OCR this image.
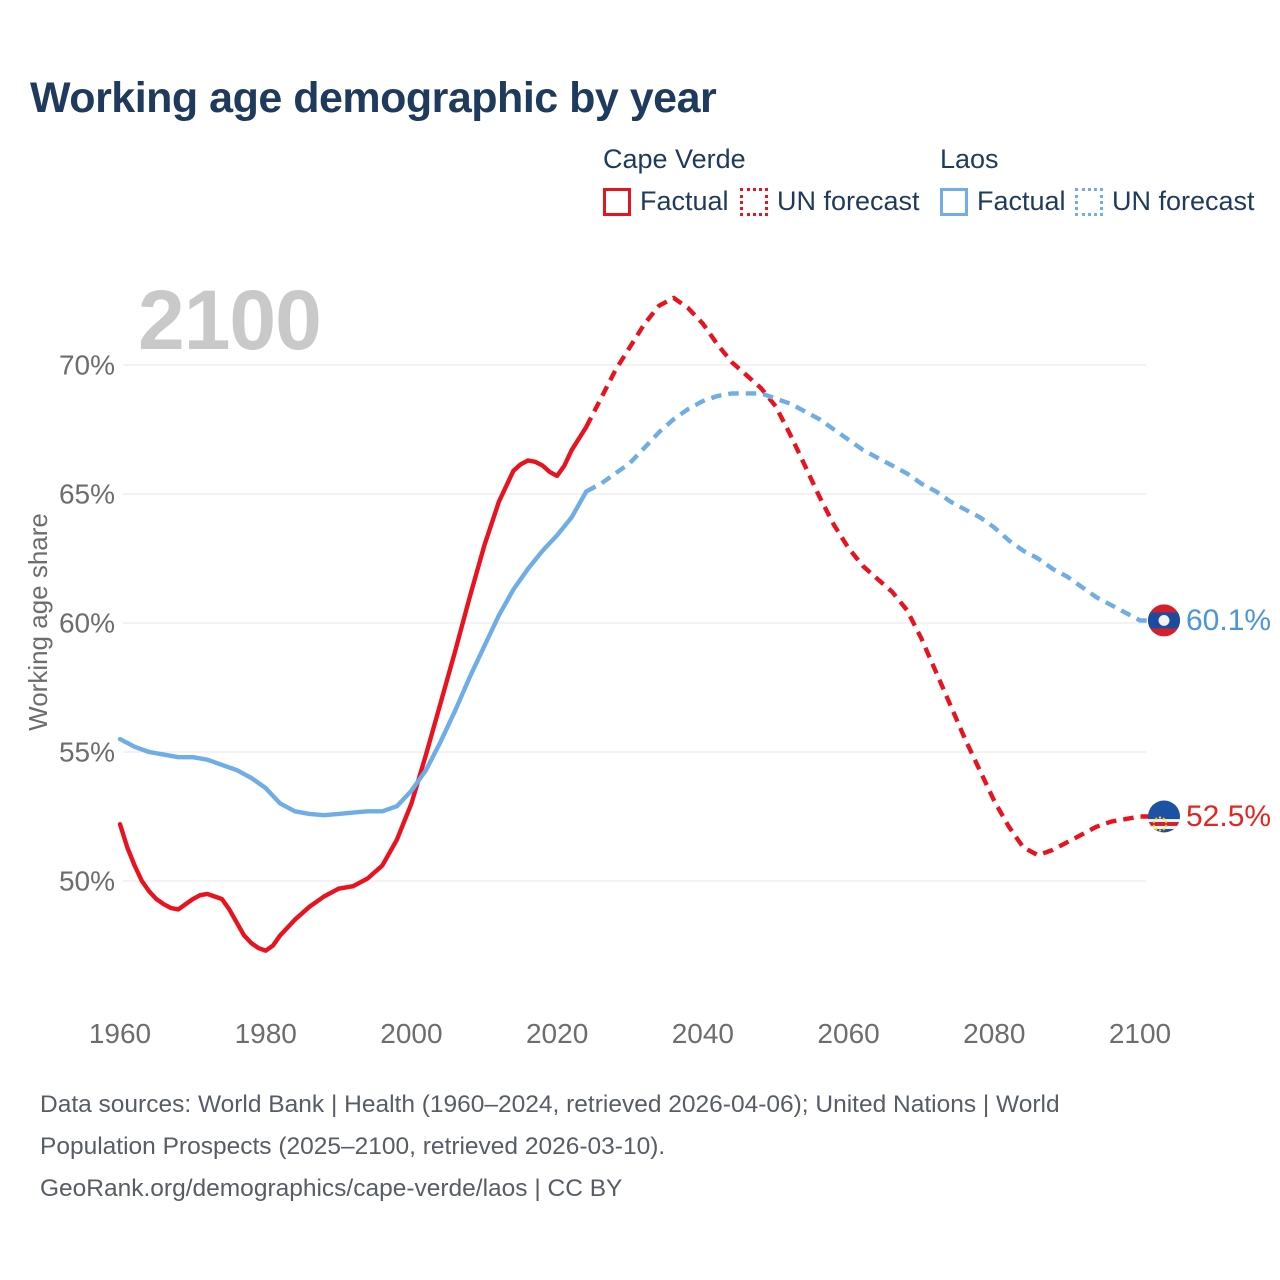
Working age demographic by year
Cape Verde	Laos
Factual UN forecast Factual UN forecast
2100
70%
65%
60%
55%
50%
Working age share
1960	1980	2000	2020	2040	2060	2080	2100
60.1%
52.5%
Data sources: World Bank | Health (1960–2024, retrieved 2026-04-06); United Nations | World
Population Prospects (2025–2100, retrieved 2026-03-10).
GeoRank.org/demographics/cape-verde/laos | CC BY
